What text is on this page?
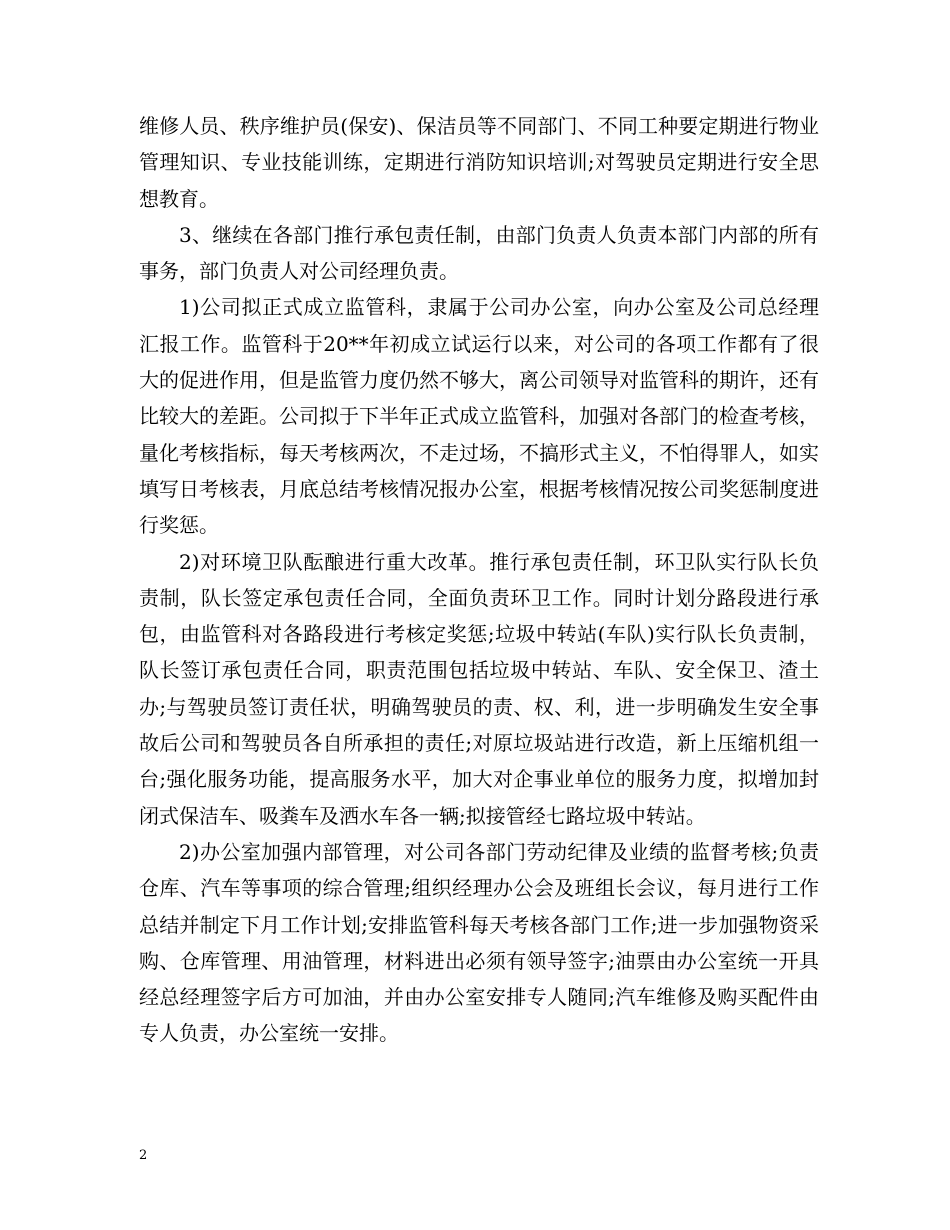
维修人员、秩序维护员(保安)、保洁员等不同部门、不同工种要定期进行物业管理知识、专业技能训练，定期进行消防知识培训;对驾驶员定期进行安全思想教育。

3、继续在各部门推行承包责任制，由部门负责人负责本部门内部的所有事务，部门负责人对公司经理负责。

1)公司拟正式成立监管科，隶属于公司办公室，向办公室及公司总经理汇报工作。监管科于20**年初成立试运行以来，对公司的各项工作都有了很大的促进作用，但是监管力度仍然不够大，离公司领导对监管科的期许，还有比较大的差距。公司拟于下半年正式成立监管科，加强对各部门的检查考核，量化考核指标，每天考核两次，不走过场，不搞形式主义，不怕得罪人，如实填写日考核表，月底总结考核情况报办公室，根据考核情况按公司奖惩制度进行奖惩。

2)对环境卫队酝酿进行重大改革。推行承包责任制，环卫队实行队长负责制，队长签定承包责任合同，全面负责环卫工作。同时计划分路段进行承包，由监管科对各路段进行考核定奖惩;垃圾中转站(车队)实行队长负责制，队长签订承包责任合同，职责范围包括垃圾中转站、车队、安全保卫、渣土办;与驾驶员签订责任状，明确驾驶员的责、权、利，进一步明确发生安全事故后公司和驾驶员各自所承担的责任;对原垃圾站进行改造，新上压缩机组一台;强化服务功能，提高服务水平，加大对企事业单位的服务力度，拟增加封闭式保洁车、吸粪车及洒水车各一辆;拟接管经七路垃圾中转站。

2)办公室加强内部管理，对公司各部门劳动纪律及业绩的监督考核;负责仓库、汽车等事项的综合管理;组织经理办公会及班组长会议，每月进行工作总结并制定下月工作计划;安排监管科每天考核各部门工作;进一步加强物资采购、仓库管理、用油管理，材料进出必须有领导签字;油票由办公室统一开具经总经理签字后方可加油，并由办公室安排专人随同;汽车维修及购买配件由专人负责，办公室统一安排。

2
